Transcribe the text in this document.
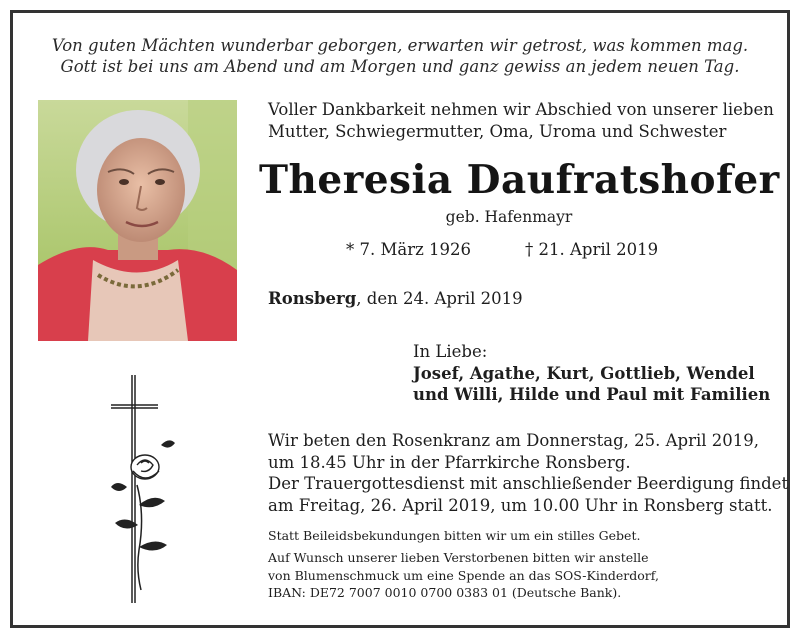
Von guten Mächten wunderbar geborgen, erwarten wir getrost, was kommen mag.
Gott ist bei uns am Abend und am Morgen und ganz gewiss an jedem neuen Tag.
Voller Dankbarkeit nehmen wir Abschied von unserer lieben
Mutter, Schwiegermutter, Oma, Uroma und Schwester
Theresia Daufratshofer
geb. Hafenmayr
* 7. März 1926	† 21. April 2019
Ronsberg, den 24. April 2019
In Liebe:
Josef, Agathe, Kurt, Gottlieb, Wendel
und Willi, Hilde und Paul mit Familien
Wir beten den Rosenkranz am Donnerstag, 25. April 2019,
um 18.45 Uhr in der Pfarrkirche Ronsberg.
Der Trauergottesdienst mit anschließender Beerdigung findet
am Freitag, 26. April 2019, um 10.00 Uhr in Ronsberg statt.
Statt Beileidsbekundungen bitten wir um ein stilles Gebet.
Auf Wunsch unserer lieben Verstorbenen bitten wir anstelle
von Blumenschmuck um eine Spende an das SOS-Kinderdorf,
IBAN: DE72 7007 0010 0700 0383 01 (Deutsche Bank).
